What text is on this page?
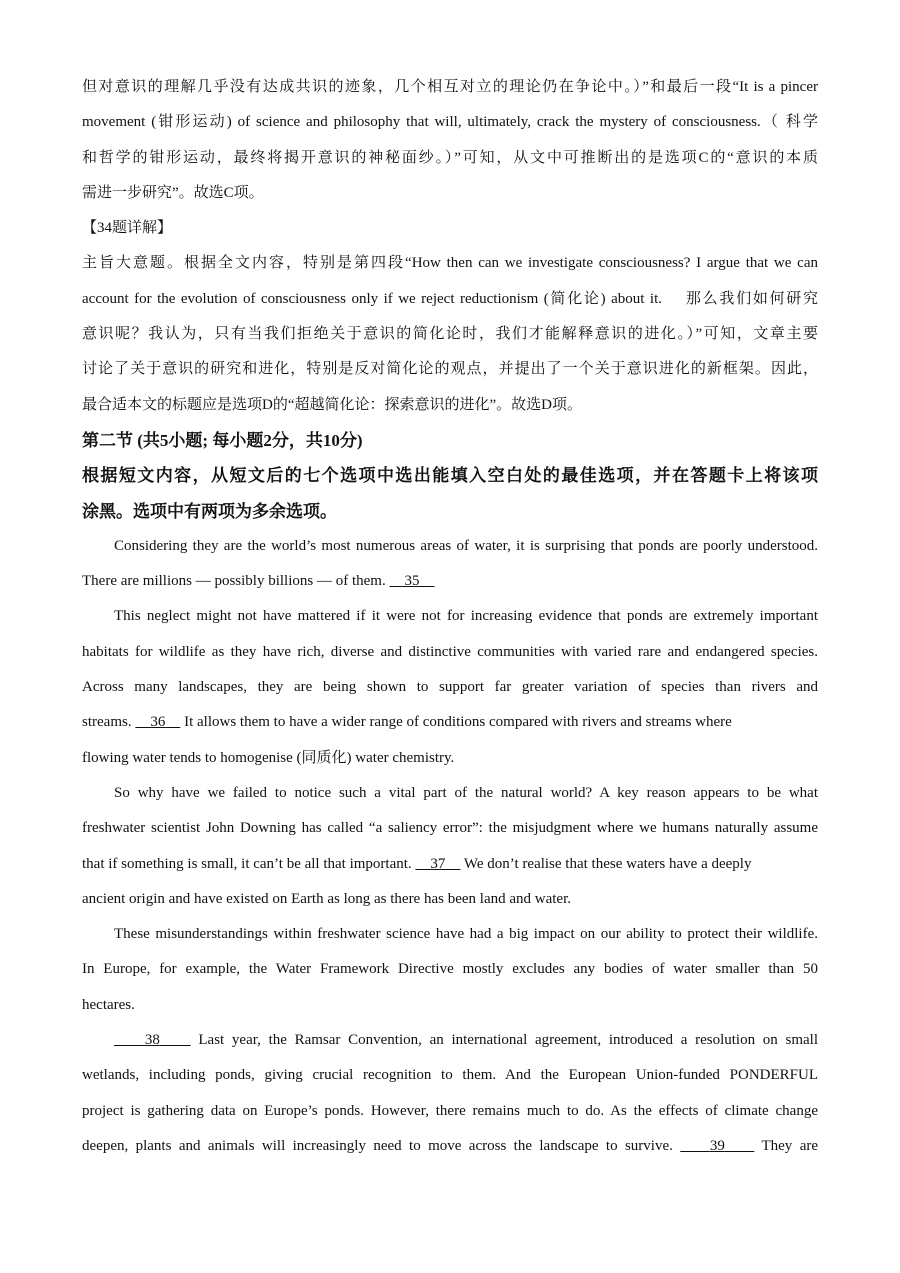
但对意识的理解几乎没有达成共识的迹象，几个相互对立的理论仍在争论中。）”和最后一段“It is a pincer
movement (钳形运动) of science and philosophy that will, ultimately, crack the mystery of consciousness.（ 科学
和哲学的钳形运动，最终将揭开意识的神秘面纱。）”可知，从文中可推断出的是选项C的“意识的本质
需进一步研究”。故选C项。
【34题详解】
主旨大意题。根据全文内容，特别是第四段“How then can we investigate consciousness? I argue that we can
account for the evolution of consciousness only if we reject reductionism (简化论) about it.　 那么我们如何研究
意识呢？我认为，只有当我们拒绝关于意识的简化论时，我们才能解释意识的进化。）”可知，文章主要
讨论了关于意识的研究和进化，特别是反对简化论的观点，并提出了一个关于意识进化的新框架。因此，
最合适本文的标题应是选项D的“超越简化论：探索意识的进化”。故选D项。
第二节 (共5小题; 每小题2分，共10分)
根据短文内容，从短文后的七个选项中选出能填入空白处的最佳选项，并在答题卡上将该项
涂黑。选项中有两项为多余选项。
Considering they are the world’s most numerous areas of water, it is surprising that ponds are poorly understood.
There are millions — possibly billions — of them. 35
This neglect might not have mattered if it were not for increasing evidence that ponds are extremely important
habitats for wildlife as they have rich, diverse and distinctive communities with varied rare and endangered species.
Across many landscapes, they are being shown to support far greater variation of species than rivers and
streams. 36 It allows them to have a wider range of conditions compared with rivers and streams where
flowing water tends to homogenise (同质化) water chemistry.
So why have we failed to notice such a vital part of the natural world? A key reason appears to be what
freshwater scientist John Downing has called “a saliency error”: the misjudgment where we humans naturally assume
that if something is small, it can’t be all that important. 37 We don’t realise that these waters have a deeply
ancient origin and have existed on Earth as long as there has been land and water.
These misunderstandings within freshwater science have had a big impact on our ability to protect their wildlife.
In Europe, for example, the Water Framework Directive mostly excludes any bodies of water smaller than 50
hectares.
38	Last year, the Ramsar Convention, an international agreement, introduced a resolution on small
wetlands, including ponds, giving crucial recognition to them. And the European Union-funded PONDERFUL
project is gathering data on Europe’s ponds. However, there remains much to do. As the effects of climate change
deepen, plants and animals will increasingly need to move across the landscape to survive. 39 They are
